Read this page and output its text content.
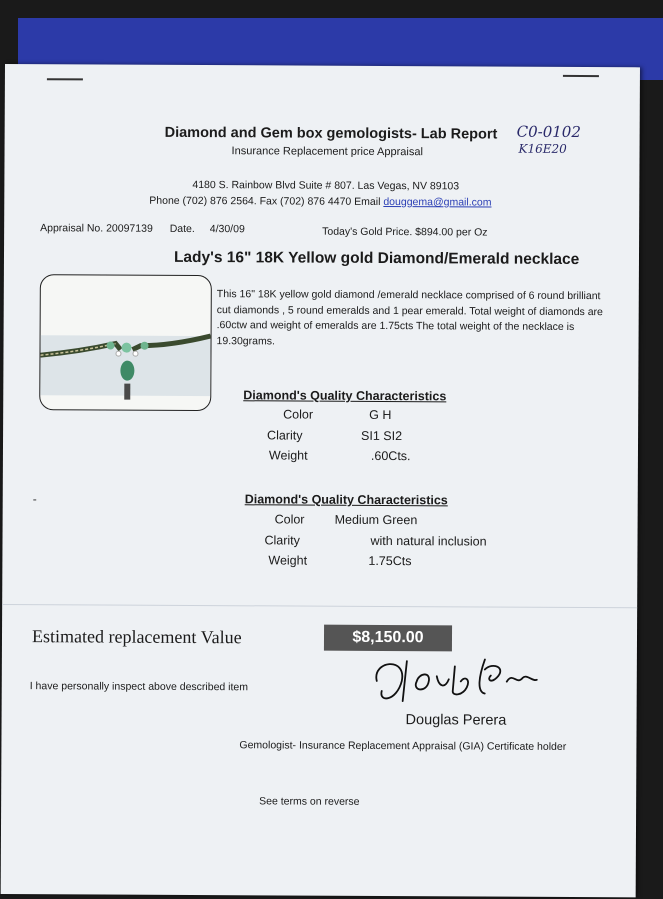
Diamond and Gem box gemologists- Lab Report
Insurance Replacement price Appraisal
C0-0102
K16E20
4180 S. Rainbow Blvd Suite # 807. Las Vegas, NV 89103
Phone (702) 876 2564. Fax (702) 876 4470 Email douggema@gmail.com
Appraisal No. 20097139 Date. 4/30/09	Today's Gold Price. $894.00 per Oz
Lady's 16" 18K Yellow gold Diamond/Emerald necklace
This 16" 18K yellow gold diamond /emerald necklace comprised of 6 round brilliant cut diamonds , 5 round emeralds and 1 pear emerald. Total weight of diamonds are .60ctw and weight of emeralds are 1.75cts The total weight of the necklace is 19.30grams.
Diamond's Quality Characteristics
Color	G H
Clarity	SI1 SI2
Weight	.60Cts.
-	Diamond's Quality Characteristics
Color Medium Green
Clarity	with natural inclusion
Weight	1.75Cts
Estimated replacement Value	$8,150.00
I have personally inspect above described item
Douglas Perera
Gemologist- Insurance Replacement Appraisal (GIA) Certificate holder
See terms on reverse
